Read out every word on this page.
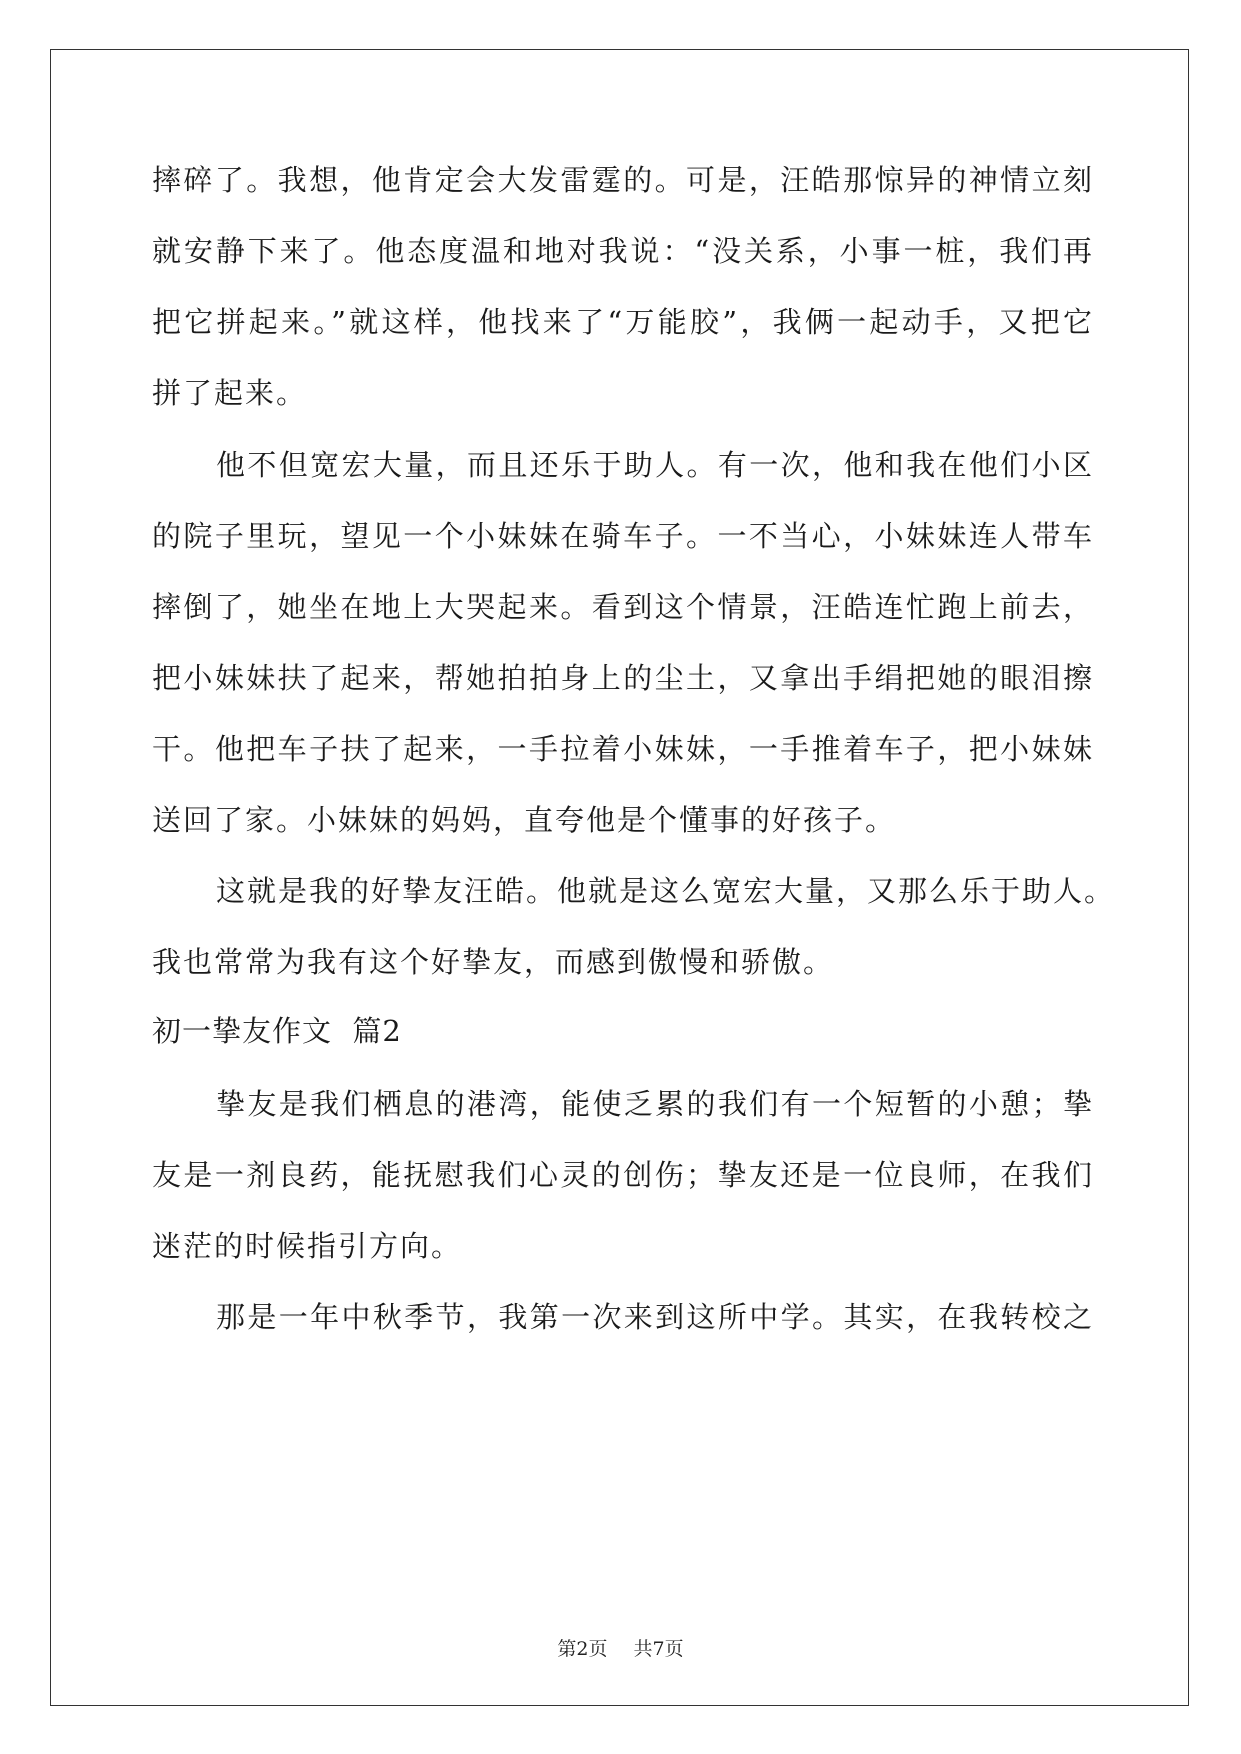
摔碎了。我想，他肯定会大发雷霆的。可是，汪皓那惊异的神情立刻
就安静下来了。他态度温和地对我说：“没关系，小事一桩，我们再
把它拼起来。”就这样，他找来了“万能胶”，我俩一起动手，又把它
拼了起来。
他不但宽宏大量，而且还乐于助人。有一次，他和我在他们小区
的院子里玩，望见一个小妹妹在骑车子。一不当心，小妹妹连人带车
摔倒了，她坐在地上大哭起来。看到这个情景，汪皓连忙跑上前去，
把小妹妹扶了起来，帮她拍拍身上的尘土，又拿出手绢把她的眼泪擦
干。他把车子扶了起来，一手拉着小妹妹，一手推着车子，把小妹妹
送回了家。小妹妹的妈妈，直夸他是个懂事的好孩子。
这就是我的好挚友汪皓。他就是这么宽宏大量，又那么乐于助人。
我也常常为我有这个好挚友，而感到傲慢和骄傲。
初一挚友作文  篇2
挚友是我们栖息的港湾，能使乏累的我们有一个短暂的小憩；挚
友是一剂良药，能抚慰我们心灵的创伤；挚友还是一位良师，在我们
迷茫的时候指引方向。
那是一年中秋季节，我第一次来到这所中学。其实，在我转校之
第2页 共7页
